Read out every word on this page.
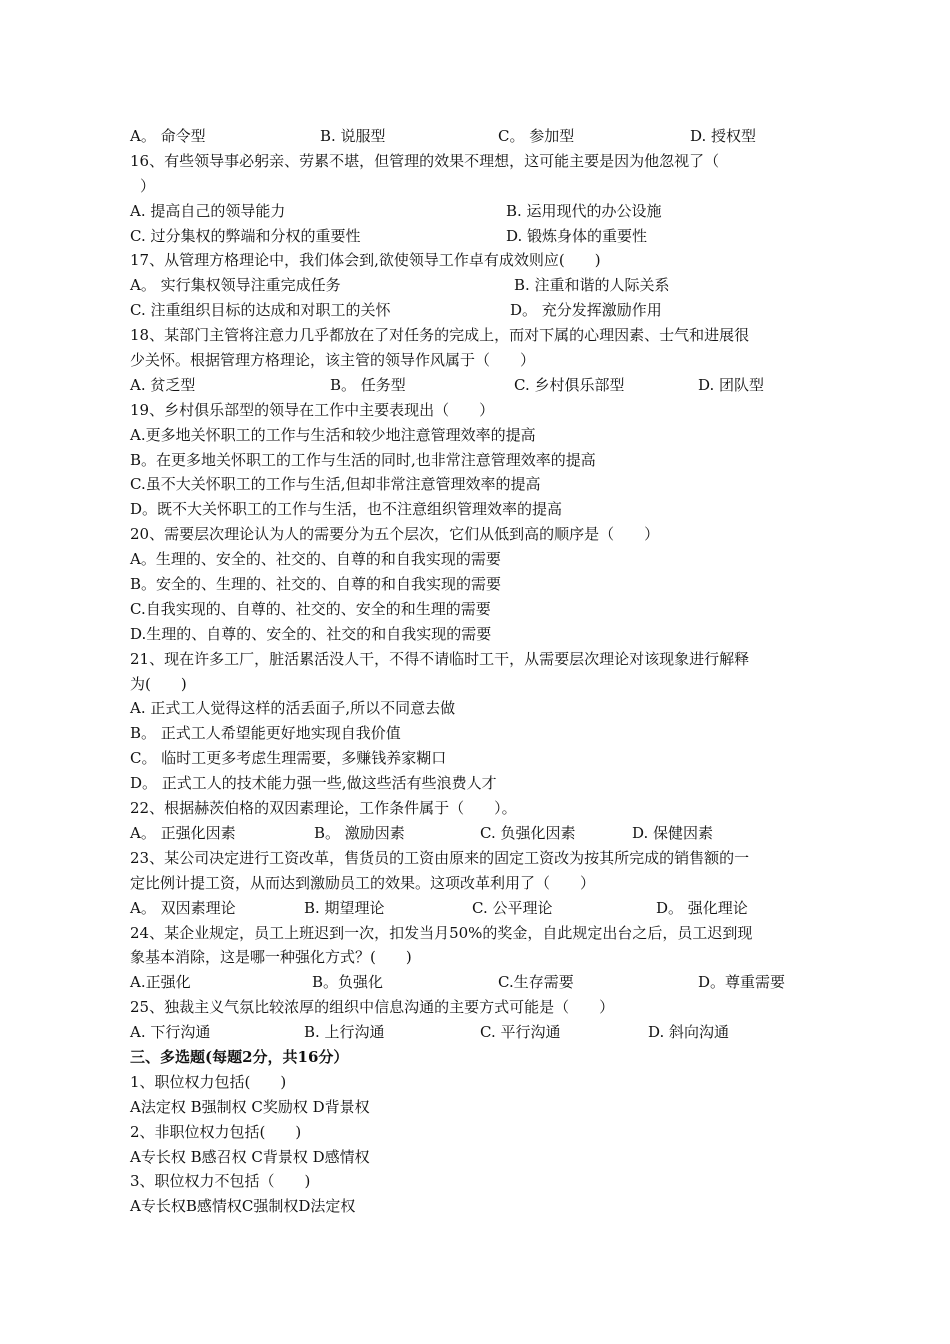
A。 命令型	B. 说服型	C。 参加型	D. 授权型
16、有些领导事必躬亲、劳累不堪，但管理的效果不理想，这可能主要是因为他忽视了（
）
A. 提高自己的领导能力	B. 运用现代的办公设施
C. 过分集权的弊端和分权的重要性	D. 锻炼身体的重要性
17、从管理方格理论中，我们体会到,欲使领导工作卓有成效则应(　　)
A。 实行集权领导注重完成任务	B. 注重和谐的人际关系
C. 注重组织目标的达成和对职工的关怀	D。 充分发挥激励作用
18、某部门主管将注意力几乎都放在了对任务的完成上，而对下属的心理因素、士气和进展很
少关怀。根据管理方格理论，该主管的领导作风属于（　　）
A. 贫乏型	B。 任务型	C. 乡村俱乐部型	D. 团队型
19、乡村俱乐部型的领导在工作中主要表现出（　　）
A.更多地关怀职工的工作与生活和较少地注意管理效率的提高
B。在更多地关怀职工的工作与生活的同时,也非常注意管理效率的提高
C.虽不大关怀职工的工作与生活,但却非常注意管理效率的提高
D。既不大关怀职工的工作与生活，也不注意组织管理效率的提高
20、需要层次理论认为人的需要分为五个层次，它们从低到高的顺序是（　　）
A。生理的、安全的、社交的、自尊的和自我实现的需要
B。安全的、生理的、社交的、自尊的和自我实现的需要
C.自我实现的、自尊的、社交的、安全的和生理的需要
D.生理的、自尊的、安全的、社交的和自我实现的需要
21、现在许多工厂，脏活累活没人干，不得不请临时工干，从需要层次理论对该现象进行解释
为(　　)
A. 正式工人觉得这样的活丢面子,所以不同意去做
B。 正式工人希望能更好地实现自我价值
C。 临时工更多考虑生理需要，多赚钱养家糊口
D。 正式工人的技术能力强一些,做这些活有些浪费人才
22、根据赫茨伯格的双因素理论，工作条件属于（　　）。
A。 正强化因素	B。 激励因素	C. 负强化因素	D. 保健因素
23、某公司决定进行工资改革，售货员的工资由原来的固定工资改为按其所完成的销售额的一
定比例计提工资，从而达到激励员工的效果。这项改革利用了（　　）
A。 双因素理论	B. 期望理论	C. 公平理论	D。 强化理论
24、某企业规定，员工上班迟到一次，扣发当月50%的奖金，自此规定出台之后，员工迟到现
象基本消除，这是哪一种强化方式？(　　)
A.正强化	B。负强化	C.生存需要	D。尊重需要
25、独裁主义气氛比较浓厚的组织中信息沟通的主要方式可能是（　　）
A. 下行沟通	B. 上行沟通	C. 平行沟通	D. 斜向沟通
三、多选题(每题2分，共16分）
1、职位权力包括(　　)
A法定权 B强制权 C奖励权 D背景权
2、非职位权力包括(　　)
A专长权 B感召权 C背景权 D感情权
3、职位权力不包括（　　)
A专长权B感情权C强制权D法定权
